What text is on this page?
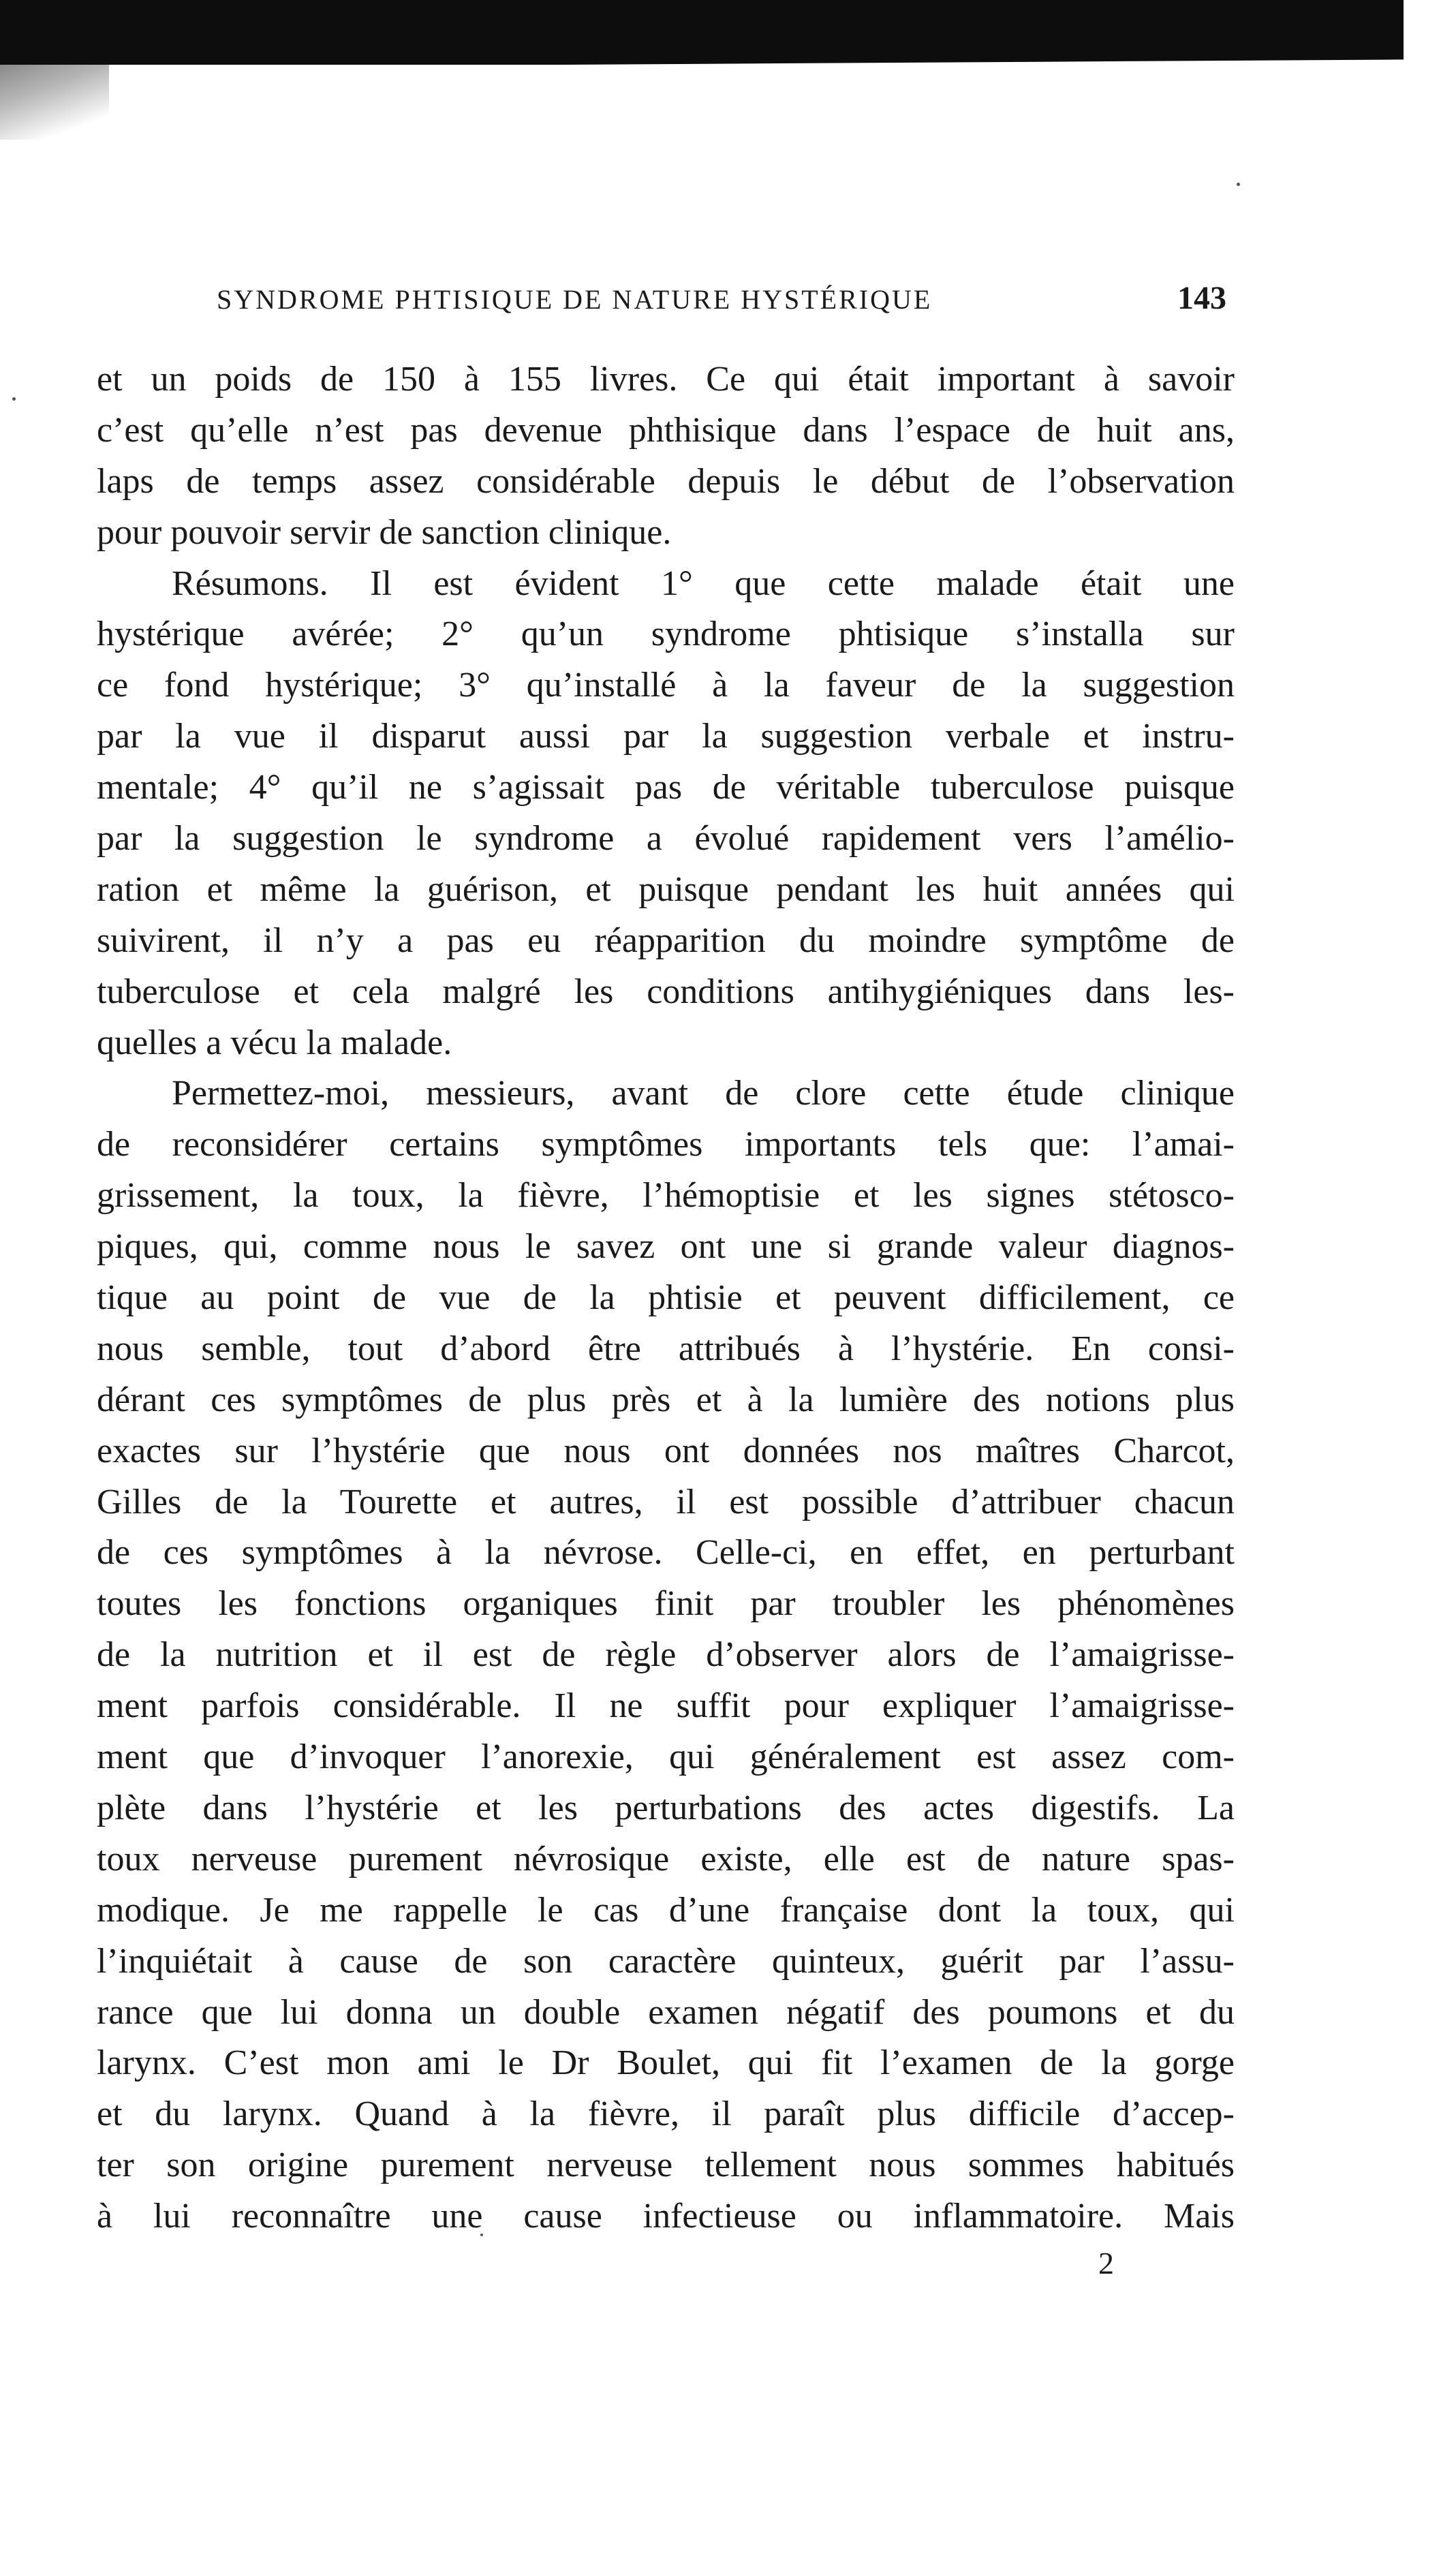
SYNDROME PHTISIQUE DE NATURE HYSTÉRIQUE	143
et un poids de 150 à 155 livres. Ce qui était important à savoir
c’est qu’elle n’est pas devenue phthisique dans l’espace de huit ans,
laps de temps assez considérable depuis le début de l’observation
pour pouvoir servir de sanction clinique.
Résumons. Il est évident 1° que cette malade était une
hystérique avérée; 2° qu’un syndrome phtisique s’installa sur
ce fond hystérique; 3° qu’installé à la faveur de la suggestion
par la vue il disparut aussi par la suggestion verbale et instru-
mentale; 4° qu’il ne s’agissait pas de véritable tuberculose puisque
par la suggestion le syndrome a évolué rapidement vers l’amélio-
ration et même la guérison, et puisque pendant les huit années qui
suivirent, il n’y a pas eu réapparition du moindre symptôme de
tuberculose et cela malgré les conditions antihygiéniques dans les-
quelles a vécu la malade.
Permettez-moi, messieurs, avant de clore cette étude clinique
de reconsidérer certains symptômes importants tels que: l’amai-
grissement, la toux, la fièvre, l’hémoptisie et les signes stétosco-
piques, qui, comme nous le savez ont une si grande valeur diagnos-
tique au point de vue de la phtisie et peuvent difficilement, ce
nous semble, tout d’abord être attribués à l’hystérie. En consi-
dérant ces symptômes de plus près et à la lumière des notions plus
exactes sur l’hystérie que nous ont données nos maîtres Charcot,
Gilles de la Tourette et autres, il est possible d’attribuer chacun
de ces symptômes à la névrose. Celle-ci, en effet, en perturbant
toutes les fonctions organiques finit par troubler les phénomènes
de la nutrition et il est de règle d’observer alors de l’amaigrisse-
ment parfois considérable. Il ne suffit pour expliquer l’amaigrisse-
ment que d’invoquer l’anorexie, qui généralement est assez com-
plète dans l’hystérie et les perturbations des actes digestifs. La
toux nerveuse purement névrosique existe, elle est de nature spas-
modique. Je me rappelle le cas d’une française dont la toux, qui
l’inquiétait à cause de son caractère quinteux, guérit par l’assu-
rance que lui donna un double examen négatif des poumons et du
larynx. C’est mon ami le Dr Boulet, qui fit l’examen de la gorge
et du larynx. Quand à la fièvre, il paraît plus difficile d’accep-
ter son origine purement nerveuse tellement nous sommes habitués
à lui reconnaître une cause infectieuse ou inflammatoire. Mais
2
